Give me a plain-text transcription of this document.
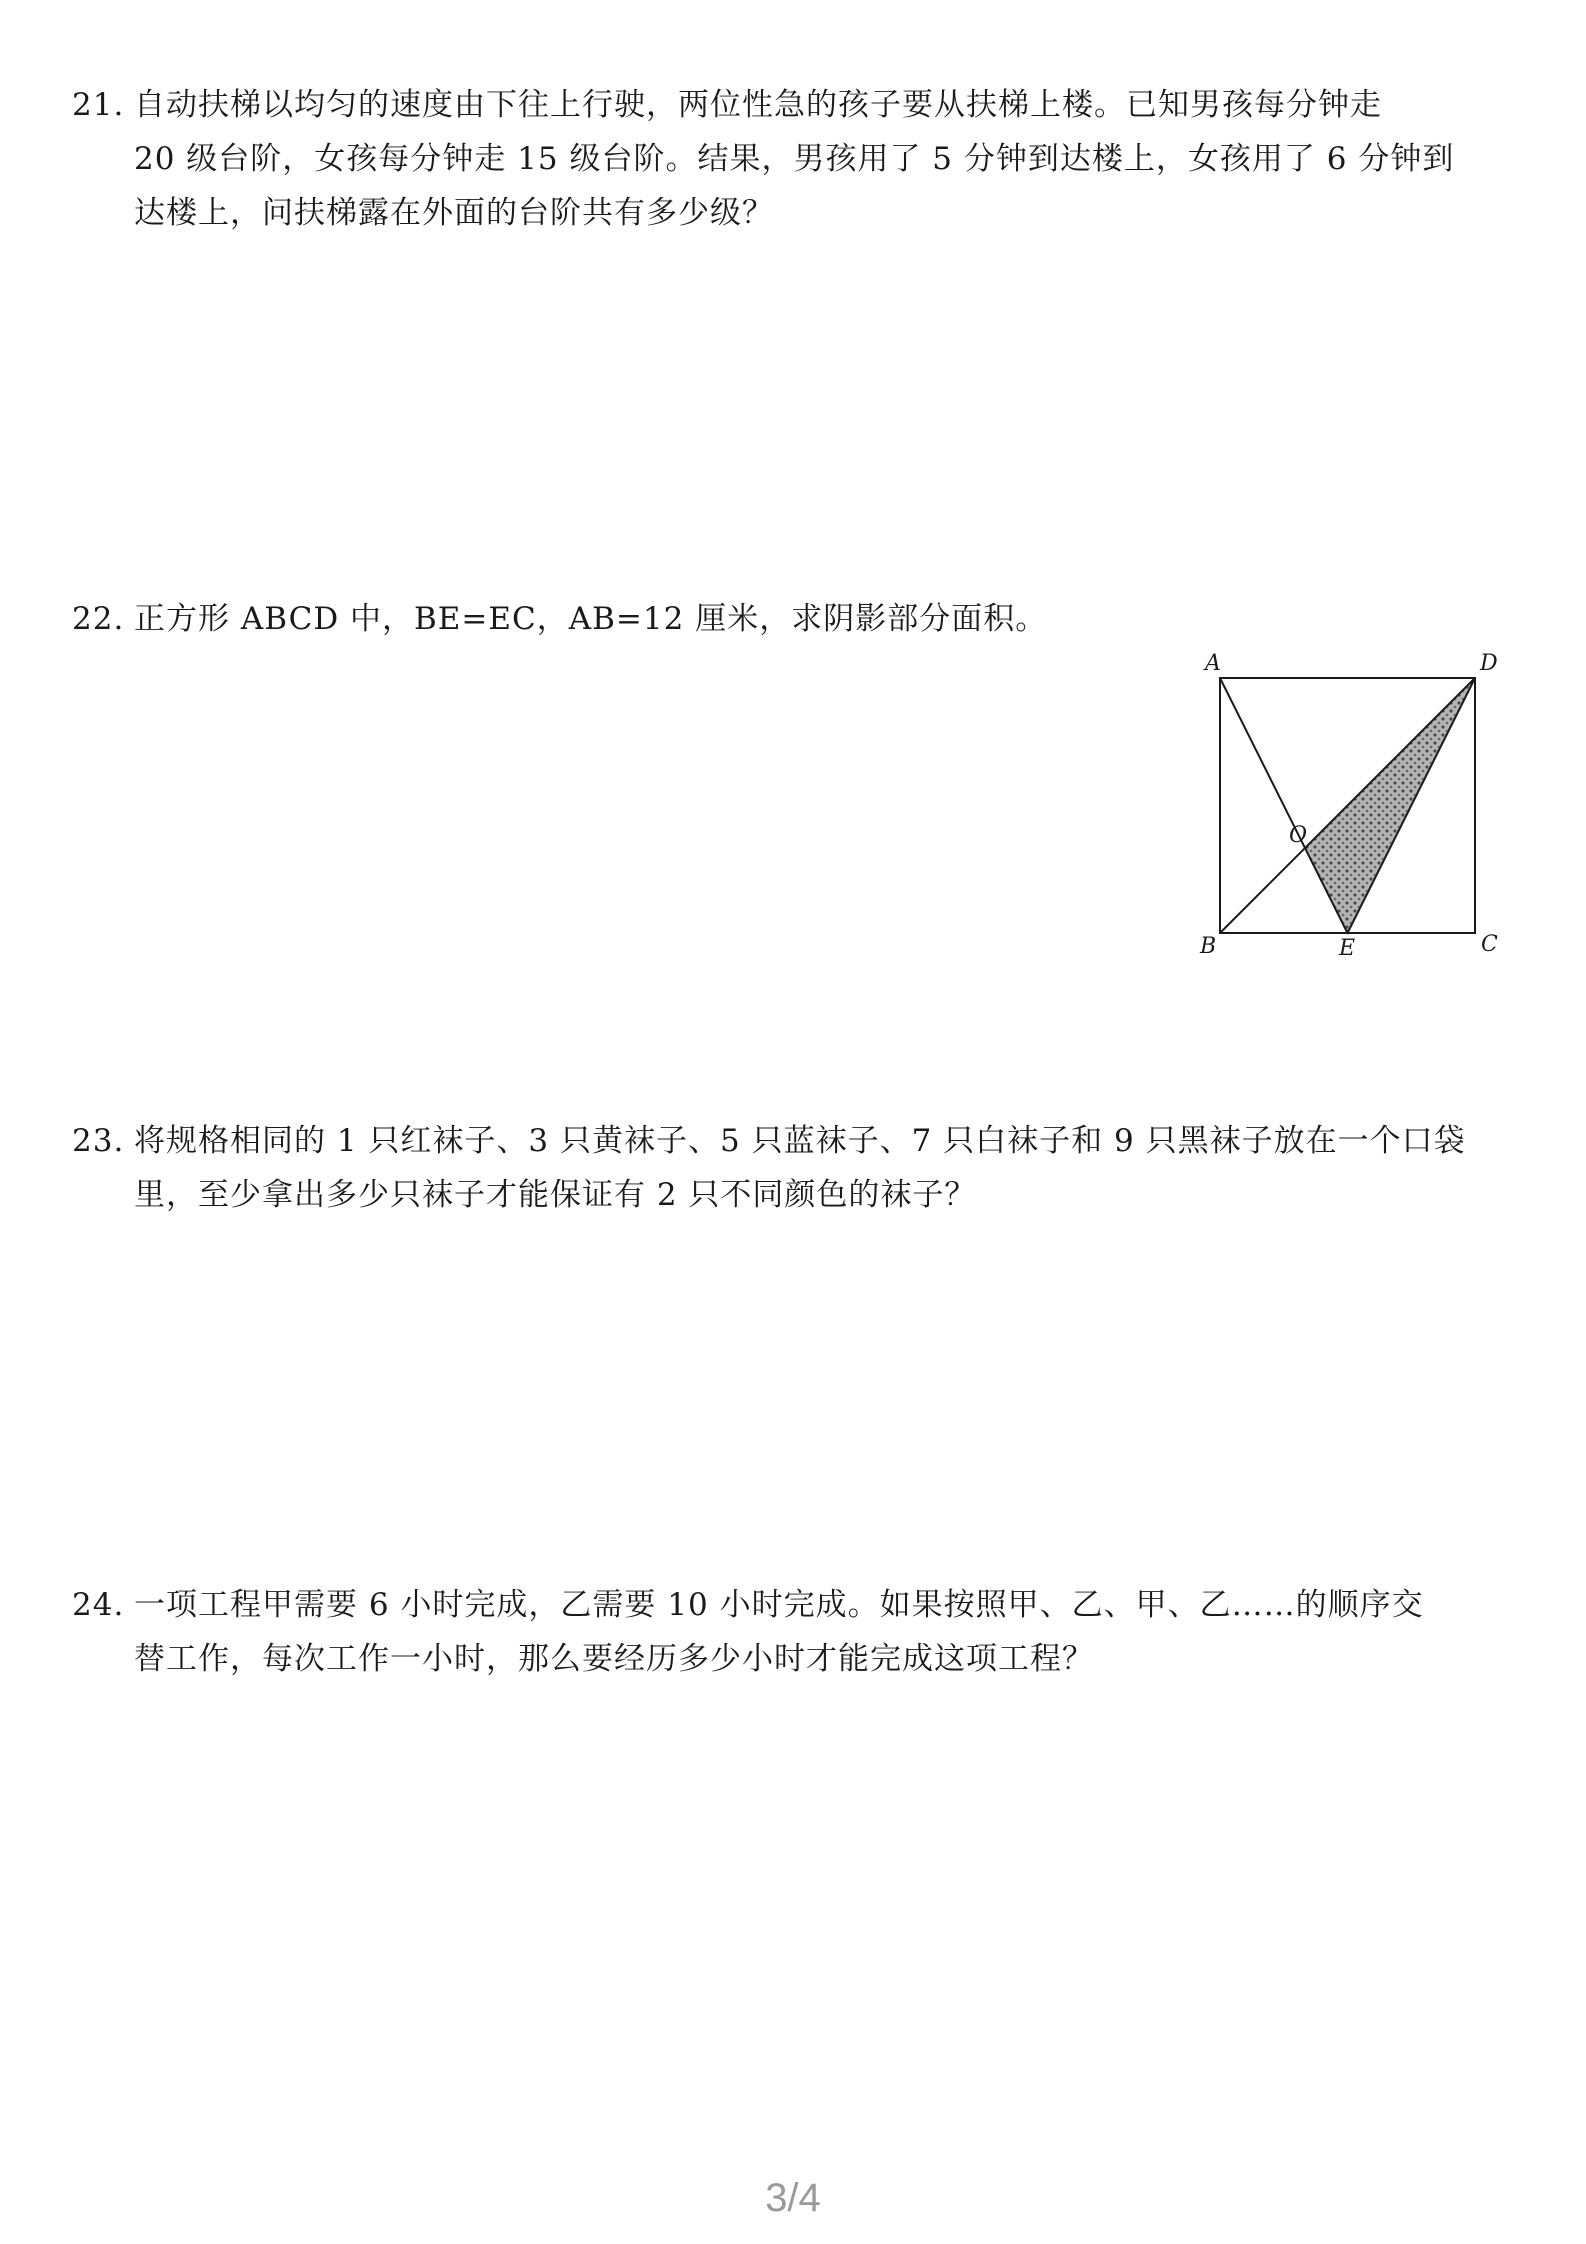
21. 自动扶梯以均匀的速度由下往上行驶，两位性急的孩子要从扶梯上楼。已知男孩每分钟走
20 级台阶，女孩每分钟走 15 级台阶。结果，男孩用了 5 分钟到达楼上，女孩用了 6 分钟到
达楼上，问扶梯露在外面的台阶共有多少级？
22. 正方形 ABCD 中，BE=EC，AB=12 厘米，求阴影部分面积。
A	D
B	C
E
O
23. 将规格相同的 1 只红袜子、3 只黄袜子、5 只蓝袜子、7 只白袜子和 9 只黑袜子放在一个口袋
里，至少拿出多少只袜子才能保证有 2 只不同颜色的袜子？
24. 一项工程甲需要 6 小时完成，乙需要 10 小时完成。如果按照甲、乙、甲、乙……的顺序交
替工作，每次工作一小时，那么要经历多少小时才能完成这项工程？
3/4
